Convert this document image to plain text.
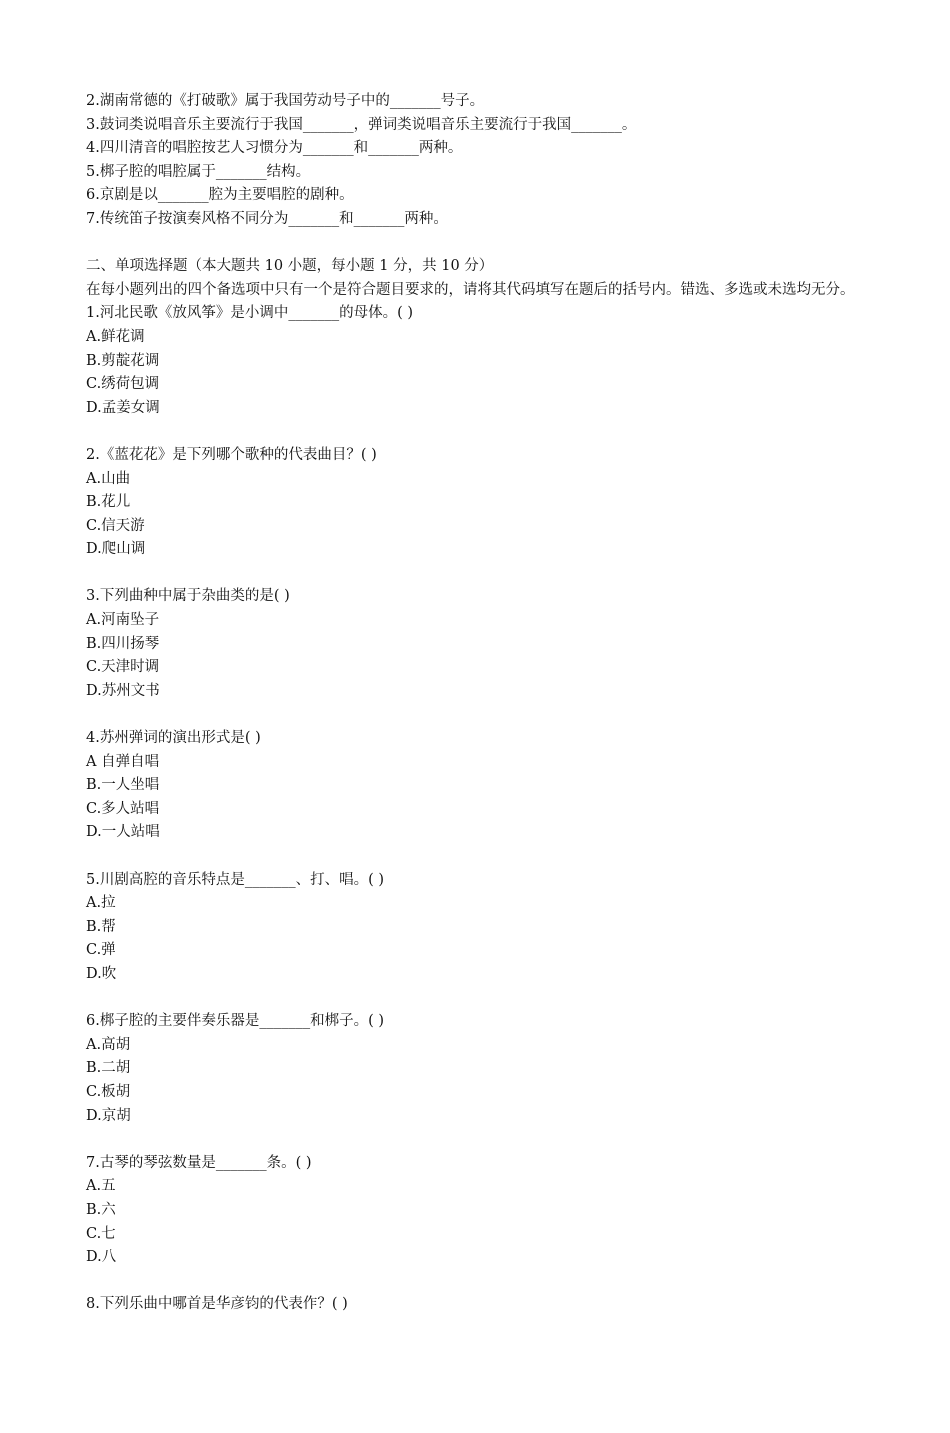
2.湖南常德的《打破歌》属于我国劳动号子中的_______号子。

3.鼓词类说唱音乐主要流行于我国_______，弹词类说唱音乐主要流行于我国_______。

4.四川清音的唱腔按艺人习惯分为_______和_______两种。

5.梆子腔的唱腔属于_______结构。

6.京剧是以_______腔为主要唱腔的剧种。

7.传统笛子按演奏风格不同分为_______和_______两种。

二、单项选择题（本大题共 10 小题，每小题 1 分，共 10 分）

在每小题列出的四个备选项中只有一个是符合题目要求的，请将其代码填写在题后的括号内。错选、多选或未选均无分。

1.河北民歌《放风筝》是小调中_______的母体。( )

A.鲜花调

B.剪靛花调

C.绣荷包调

D.孟姜女调

2.《蓝花花》是下列哪个歌种的代表曲目？( )

A.山曲

B.花儿

C.信天游

D.爬山调

3.下列曲种中属于杂曲类的是( )

A.河南坠子

B.四川扬琴

C.天津时调

D.苏州文书

4.苏州弹词的演出形式是( )

A 自弹自唱

B.一人坐唱

C.多人站唱

D.一人站唱

5.川剧高腔的音乐特点是_______、打、唱。( )

A.拉

B.帮

C.弹

D.吹

6.梆子腔的主要伴奏乐器是_______和梆子。( )

A.高胡

B.二胡

C.板胡

D.京胡

7.古琴的琴弦数量是_______条。( )

A.五

B.六

C.七

D.八

8.下列乐曲中哪首是华彦钧的代表作？( )
